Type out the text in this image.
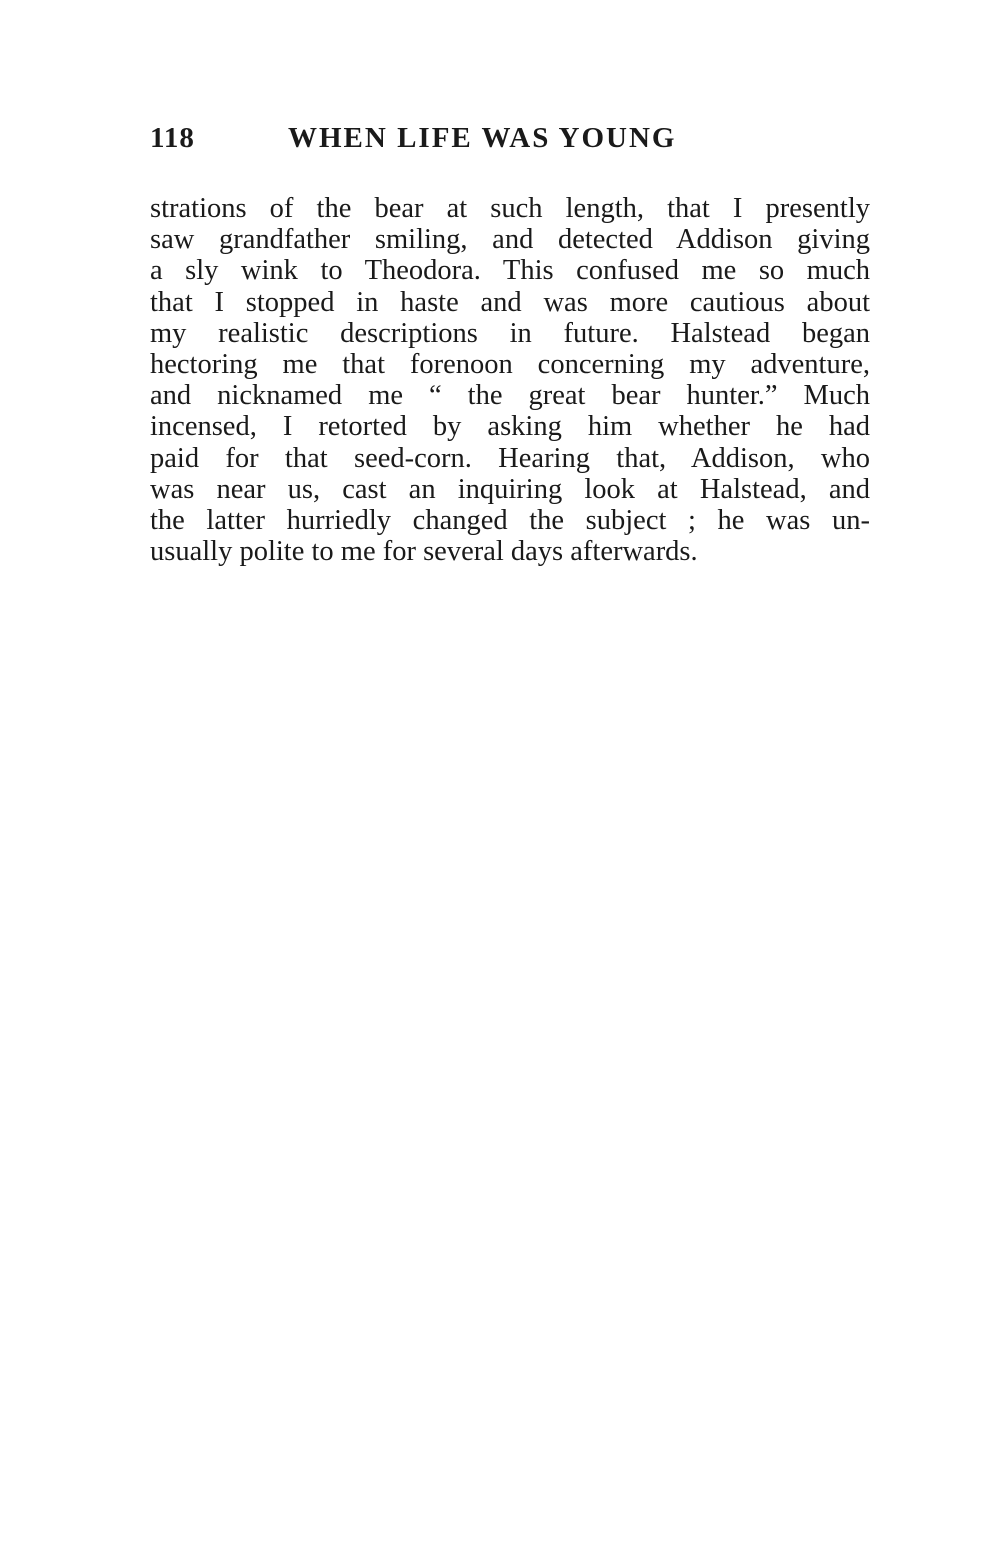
118	WHEN LIFE WAS YOUNG
strations of the bear at such length, that I presently
saw grandfather smiling, and detected Addison giving
a sly wink to Theodora. This confused me so much
that I stopped in haste and was more cautious about
my realistic descriptions in future. Halstead began
hectoring me that forenoon concerning my adventure,
and nicknamed me “ the great bear hunter.” Much
incensed, I retorted by asking him whether he had
paid for that seed-corn. Hearing that, Addison, who
was near us, cast an inquiring look at Halstead, and
the latter hurriedly changed the subject ; he was un-
usually polite to me for several days afterwards.
